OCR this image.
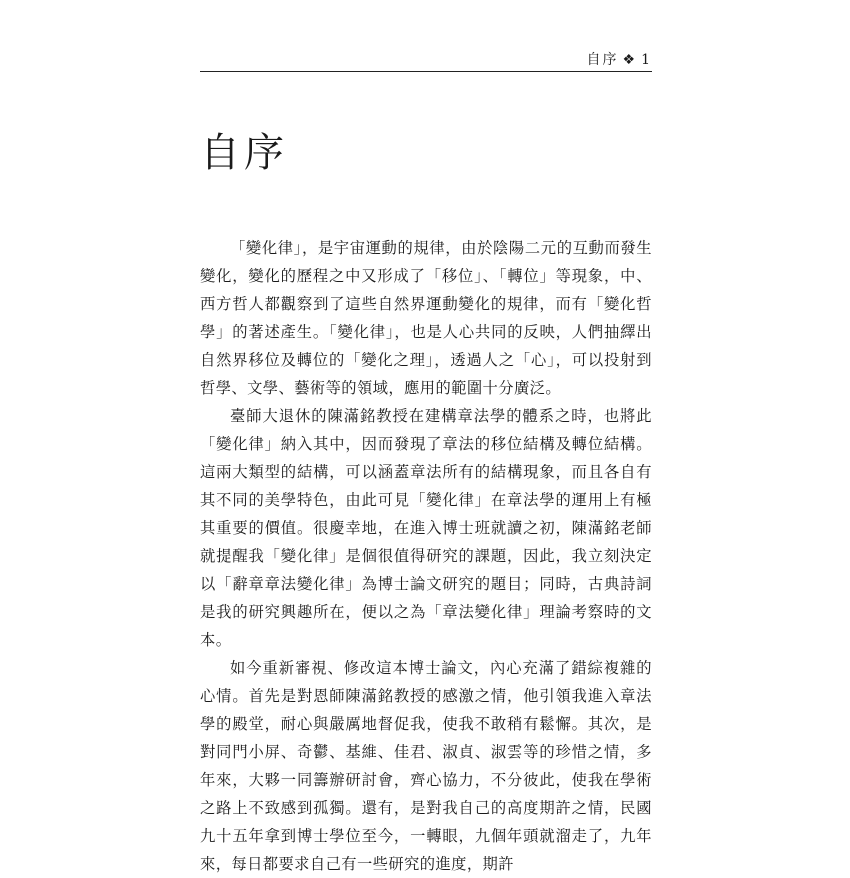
自序 ❖ 1
自序

「變化律」，是宇宙運動的規律，由於陰陽二元的互動而發生變化，變化的歷程之中又形成了「移位」、「轉位」等現象，中、西方哲人都觀察到了這些自然界運動變化的規律，而有「變化哲學」的著述產生。「變化律」，也是人心共同的反映，人們抽繹出自然界移位及轉位的「變化之理」，透過人之「心」，可以投射到哲學、文學、藝術等的領域，應用的範圍十分廣泛。

臺師大退休的陳滿銘教授在建構章法學的體系之時，也將此「變化律」納入其中，因而發現了章法的移位結構及轉位結構。這兩大類型的結構，可以涵蓋章法所有的結構現象，而且各自有其不同的美學特色，由此可見「變化律」在章法學的運用上有極其重要的價值。很慶幸地，在進入博士班就讀之初，陳滿銘老師就提醒我「變化律」是個很值得研究的課題，因此，我立刻決定以「辭章章法變化律」為博士論文研究的題目；同時，古典詩詞是我的研究興趣所在，便以之為「章法變化律」理論考察時的文本。

如今重新審視、修改這本博士論文，內心充滿了錯綜複雜的心情。首先是對恩師陳滿銘教授的感激之情，他引領我進入章法學的殿堂，耐心與嚴厲地督促我，使我不敢稍有鬆懈。其次，是對同門小屏、奇鬱、基維、佳君、淑貞、淑雲等的珍惜之情，多年來，大夥一同籌辦研討會，齊心協力，不分彼此，使我在學術之路上不致感到孤獨。還有，是對我自己的高度期許之情，民國九十五年拿到博士學位至今，一轉眼，九個年頭就溜走了，九年來，每日都要求自己有一些研究的進度，期許
